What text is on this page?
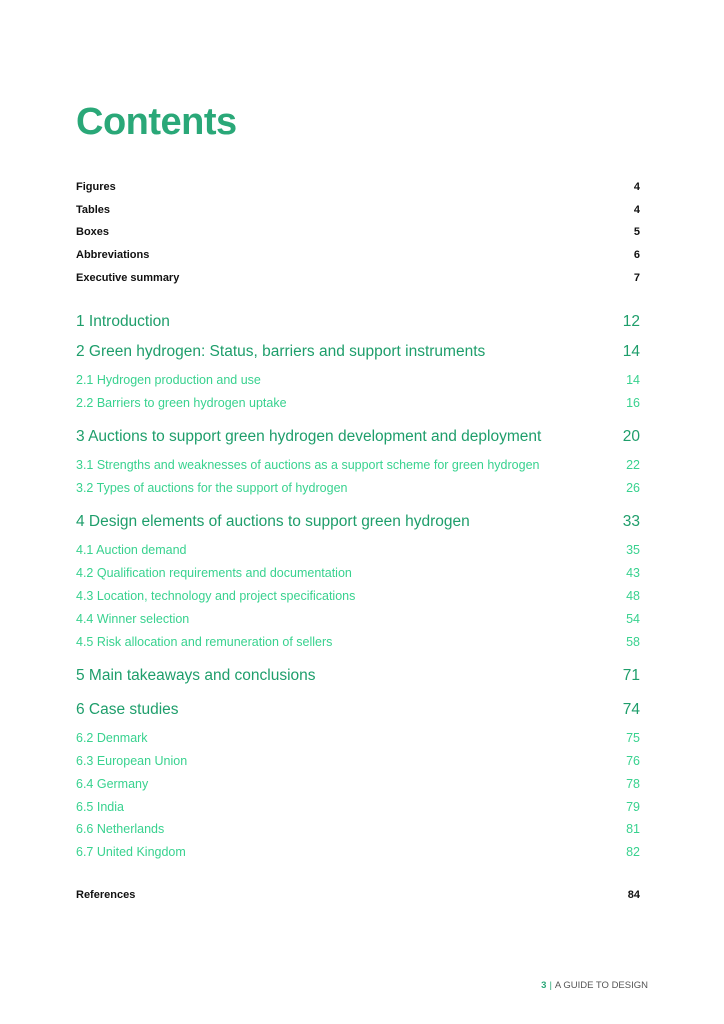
Contents
Figures	4
Tables	4
Boxes	5
Abbreviations	6
Executive summary	7
1 Introduction	12
2 Green hydrogen: Status, barriers and support instruments	14
2.1 Hydrogen production and use	14
2.2 Barriers to green hydrogen uptake	16
3 Auctions to support green hydrogen development and deployment	20
3.1 Strengths and weaknesses of auctions as a support scheme for green hydrogen	22
3.2 Types of auctions for the support of hydrogen	26
4 Design elements of auctions to support green hydrogen	33
4.1 Auction demand	35
4.2 Qualification requirements and documentation	43
4.3 Location, technology and project specifications	48
4.4 Winner selection	54
4.5 Risk allocation and remuneration of sellers	58
5 Main takeaways and conclusions	71
6 Case studies	74
6.2 Denmark	75
6.3 European Union	76
6.4 Germany	78
6.5 India	79
6.6 Netherlands	81
6.7 United Kingdom	82
References	84
3 | A GUIDE TO DESIGN
